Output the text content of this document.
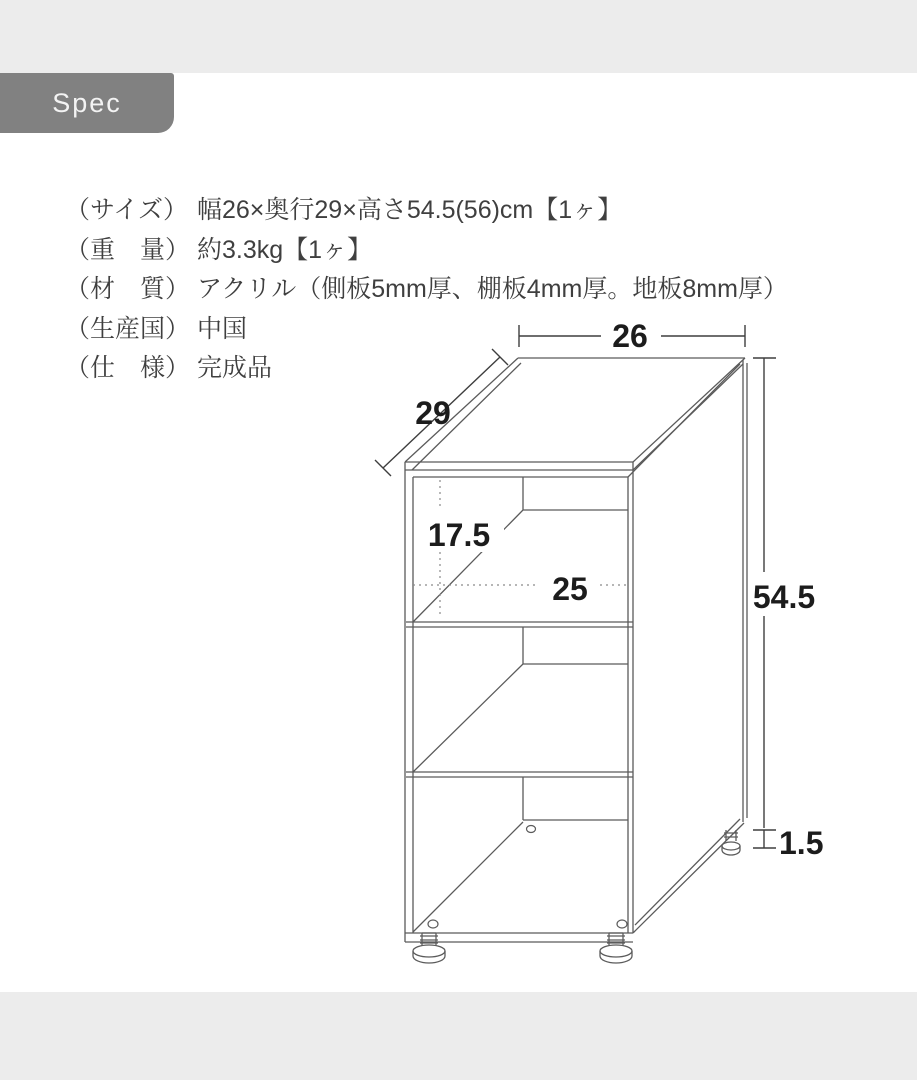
Spec
（サイズ） 幅26×奥行29×高さ54.5(56)cm【1ヶ】
（重　量） 約3.3kg【1ヶ】
（材　質） アクリル（側板5mm厚、棚板4mm厚。地板8mm厚）
（生産国） 中国
（仕　様） 完成品
26
29
54.5
1.5
17.5
25
